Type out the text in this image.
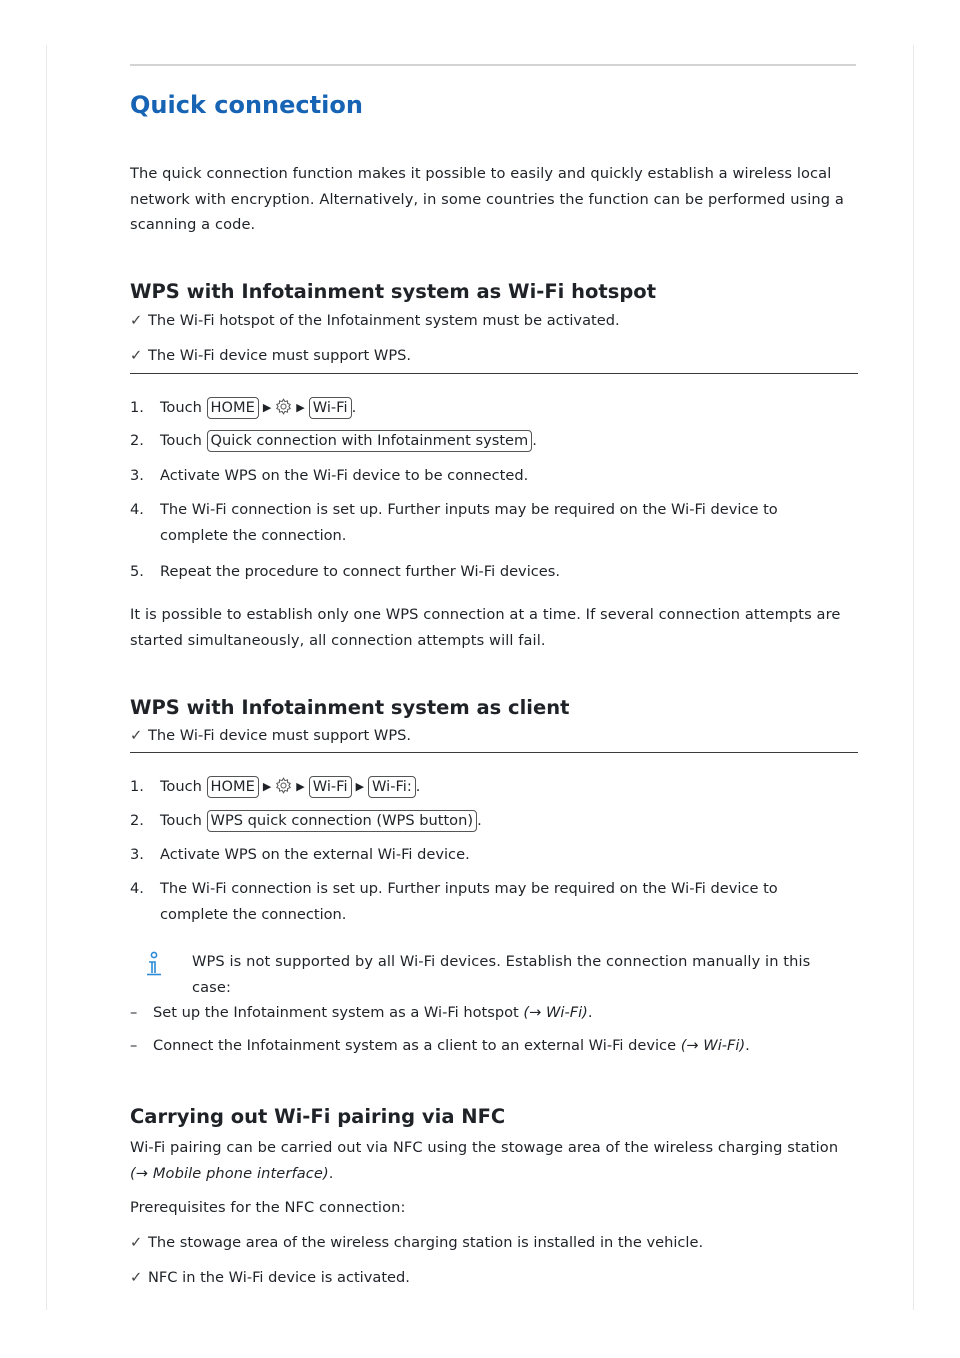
Quick connection

The quick connection function makes it possible to easily and quickly establish a wireless local network with encryption. Alternatively, in some countries the function can be performed using a scanning a code.

WPS with Infotainment system as Wi-Fi hotspot
✓ The Wi-Fi hotspot of the Infotainment system must be activated.
✓ The Wi-Fi device must support WPS.
1. Touch HOME ▶ ▶ Wi-Fi .
2. Touch Quick connection with Infotainment system .
3. Activate WPS on the Wi-Fi device to be connected.
4. The Wi-Fi connection is set up. Further inputs may be required on the Wi-Fi device to complete the connection.
5. Repeat the procedure to connect further Wi-Fi devices.

It is possible to establish only one WPS connection at a time. If several connection attempts are started simultaneously, all connection attempts will fail.

WPS with Infotainment system as client
✓ The Wi-Fi device must support WPS.
1. Touch HOME ▶ ▶ Wi-Fi ▶ Wi-Fi: .
2. Touch WPS quick connection (WPS button) .
3. Activate WPS on the external Wi-Fi device.
4. The Wi-Fi connection is set up. Further inputs may be required on the Wi-Fi device to complete the connection.

WPS is not supported by all Wi-Fi devices. Establish the connection manually in this case:

– Set up the Infotainment system as a Wi-Fi hotspot (→ Wi-Fi).
– Connect the Infotainment system as a client to an external Wi-Fi device (→ Wi-Fi).
Carrying out Wi-Fi pairing via NFC

Wi-Fi pairing can be carried out via NFC using the stowage area of the wireless charging station (→ Mobile phone interface).

Prerequisites for the NFC connection:

✓ The stowage area of the wireless charging station is installed in the vehicle.
✓ NFC in the Wi-Fi device is activated.
